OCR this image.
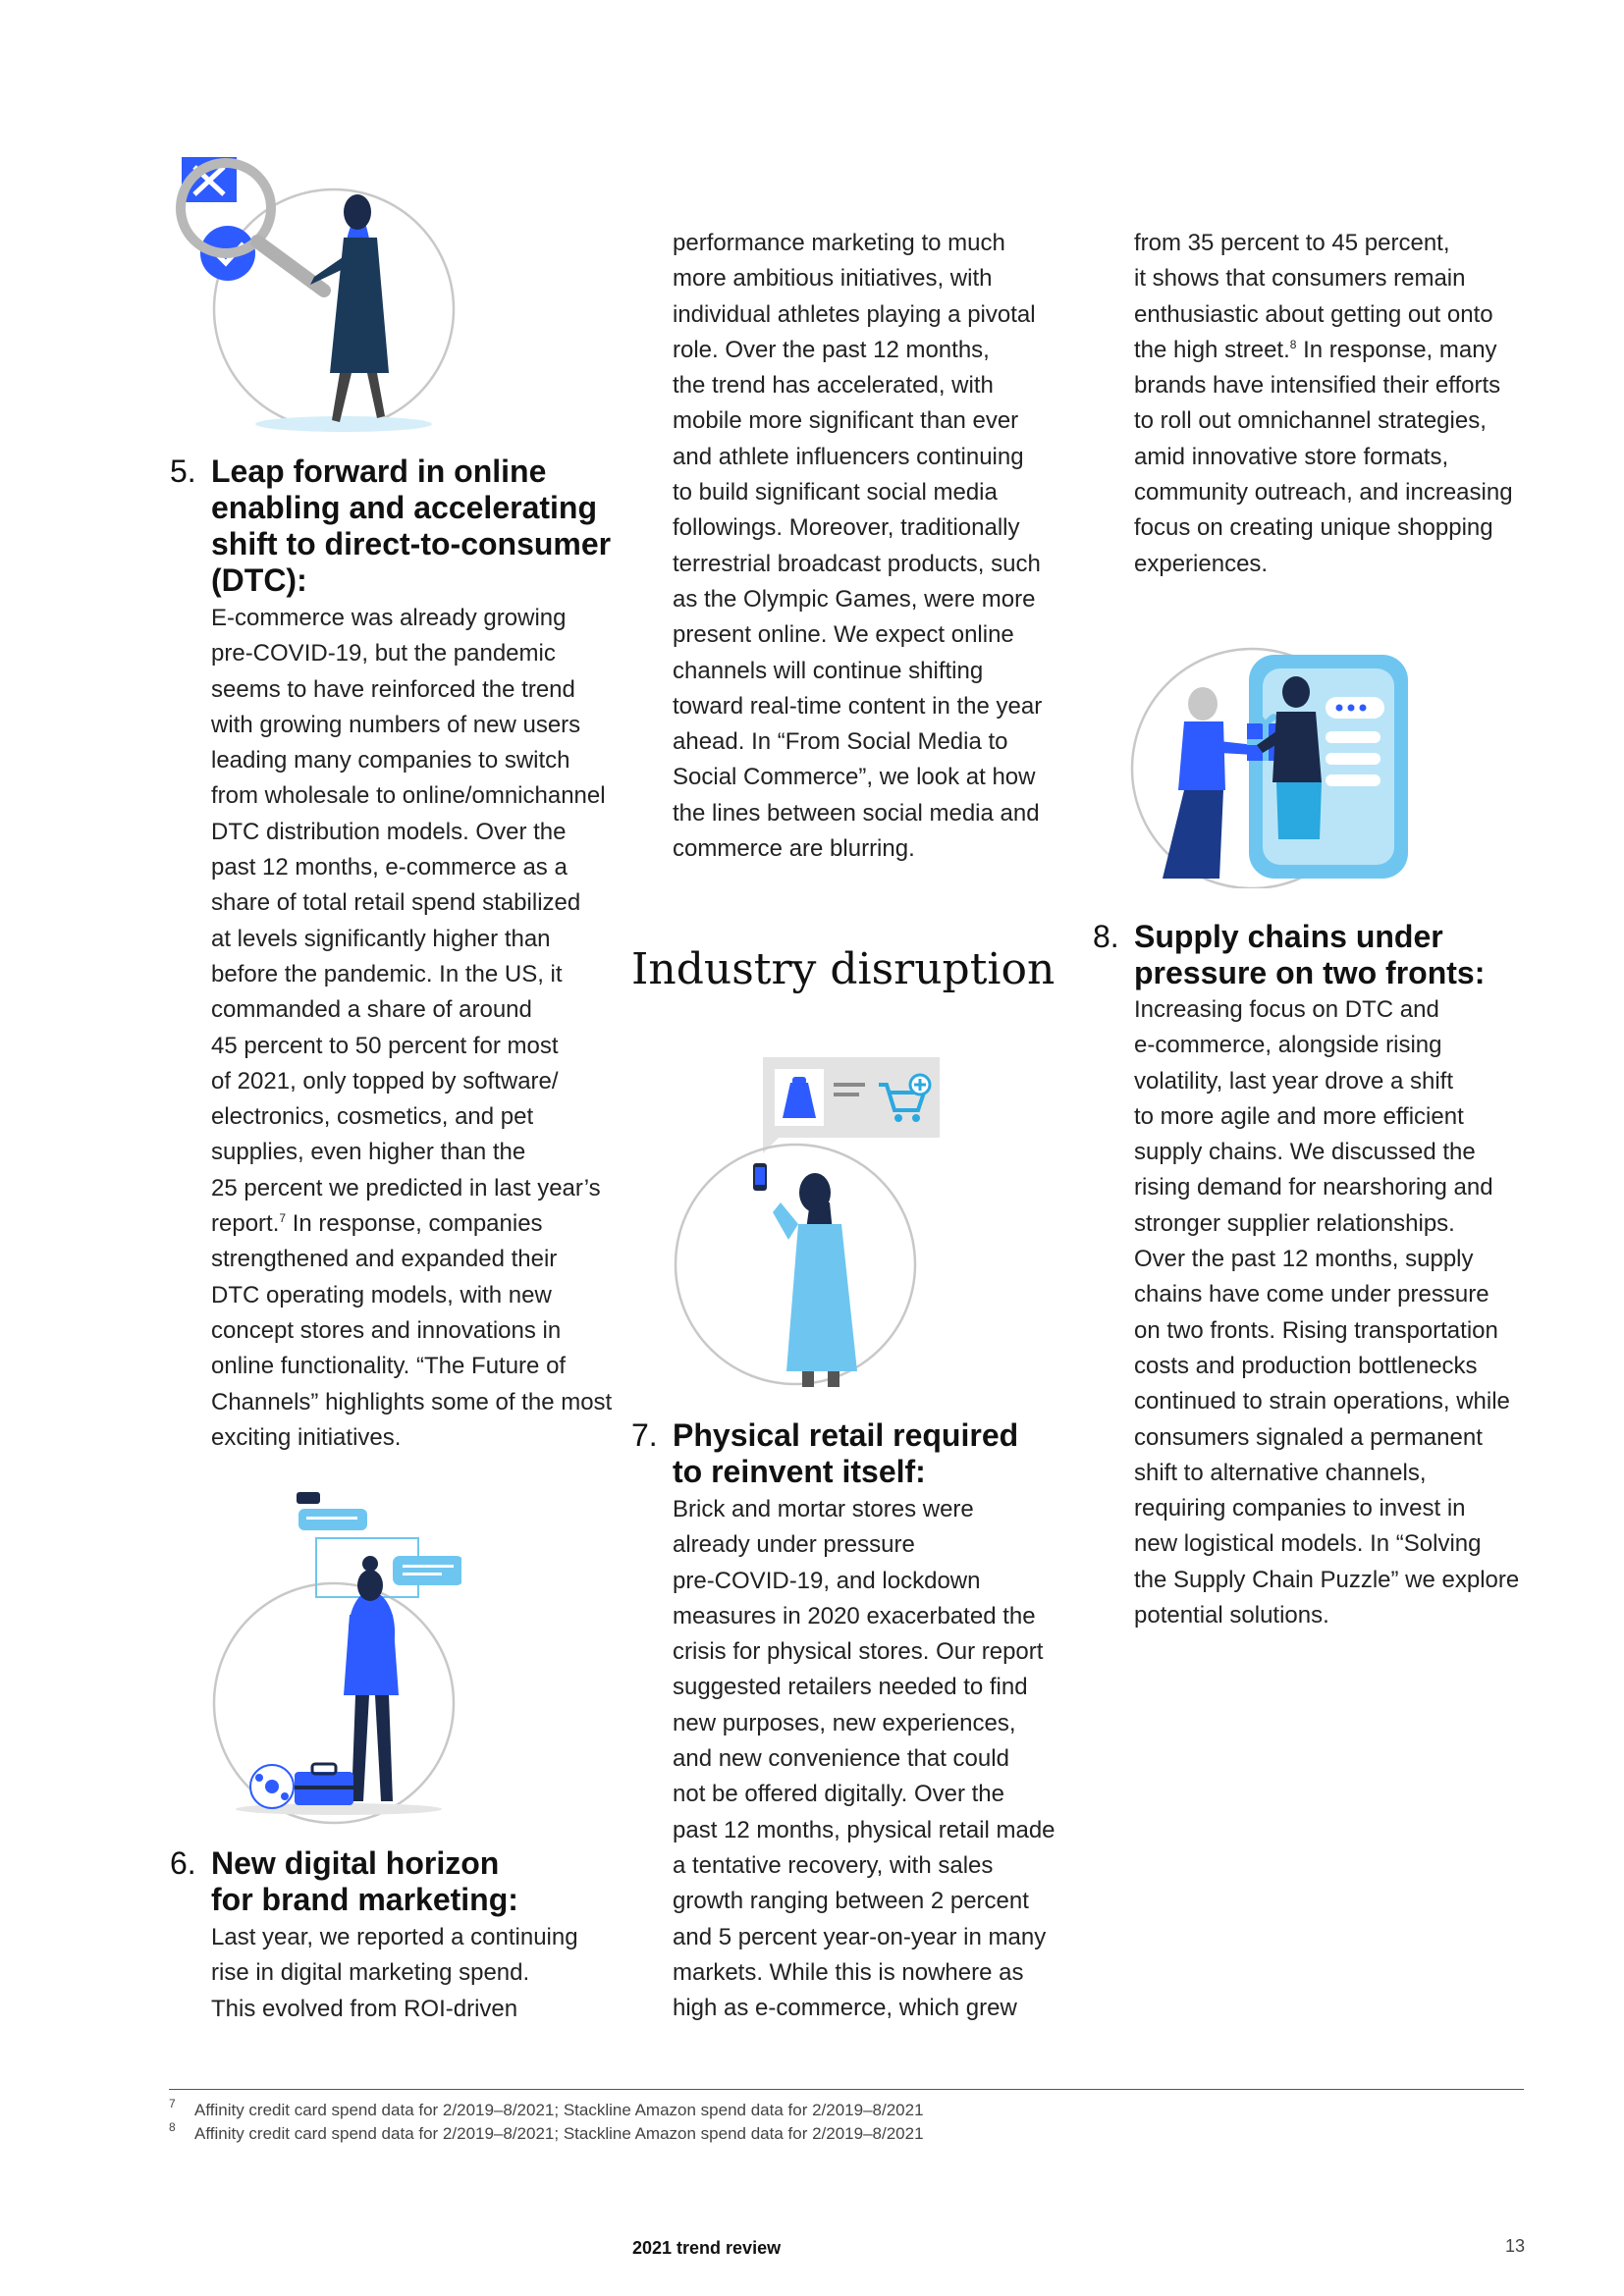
5. Leap forward in online
enabling and accelerating
shift to direct-to-consumer
(DTC):
E-commerce was already growing
pre-COVID-19, but the pandemic
seems to have reinforced the trend
with growing numbers of new users
leading many companies to switch
from wholesale to online/omnichannel
DTC distribution models. Over the
past 12 months, e-commerce as a
share of total retail spend stabilized
at levels significantly higher than
before the pandemic. In the US, it
commanded a share of around
45 percent to 50 percent for most
of 2021, only topped by software/
electronics, cosmetics, and pet
supplies, even higher than the
25 percent we predicted in last year’s
report.$^7$ In response, companies
strengthened and expanded their
DTC operating models, with new
concept stores and innovations in
online functionality. “The Future of
Channels” highlights some of the most
exciting initiatives.
6. New digital horizon
for brand marketing:
Last year, we reported a continuing
rise in digital marketing spend.
This evolved from ROI-driven
performance marketing to much
more ambitious initiatives, with
individual athletes playing a pivotal
role. Over the past 12 months,
the trend has accelerated, with
mobile more significant than ever
and athlete influencers continuing
to build significant social media
followings. Moreover, traditionally
terrestrial broadcast products, such
as the Olympic Games, were more
present online. We expect online
channels will continue shifting
toward real-time content in the year
ahead. In “From Social Media to
Social Commerce”, we look at how
the lines between social media and
commerce are blurring.
Industry disruption
7. Physical retail required
to reinvent itself:
Brick and mortar stores were
already under pressure
pre-COVID-19, and lockdown
measures in 2020 exacerbated the
crisis for physical stores. Our report
suggested retailers needed to find
new purposes, new experiences,
and new convenience that could
not be offered digitally. Over the
past 12 months, physical retail made
a tentative recovery, with sales
growth ranging between 2 percent
and 5 percent year-on-year in many
markets. While this is nowhere as
high as e-commerce, which grew
from 35 percent to 45 percent,
it shows that consumers remain
enthusiastic about getting out onto
the high street.$^8$ In response, many
brands have intensified their efforts
to roll out omnichannel strategies,
amid innovative store formats,
community outreach, and increasing
focus on creating unique shopping
experiences.
8. Supply chains under
pressure on two fronts:
Increasing focus on DTC and
e-commerce, alongside rising
volatility, last year drove a shift
to more agile and more efficient
supply chains. We discussed the
rising demand for nearshoring and
stronger supplier relationships.
Over the past 12 months, supply
chains have come under pressure
on two fronts. Rising transportation
costs and production bottlenecks
continued to strain operations, while
consumers signaled a permanent
shift to alternative channels,
requiring companies to invest in
new logistical models. In “Solving
the Supply Chain Puzzle” we explore
potential solutions.
7 Affinity credit card spend data for 2/2019–8/2021; Stackline Amazon spend data for 2/2019–8/2021
8 Affinity credit card spend data for 2/2019–8/2021; Stackline Amazon spend data for 2/2019–8/2021
2021 trend review	13
